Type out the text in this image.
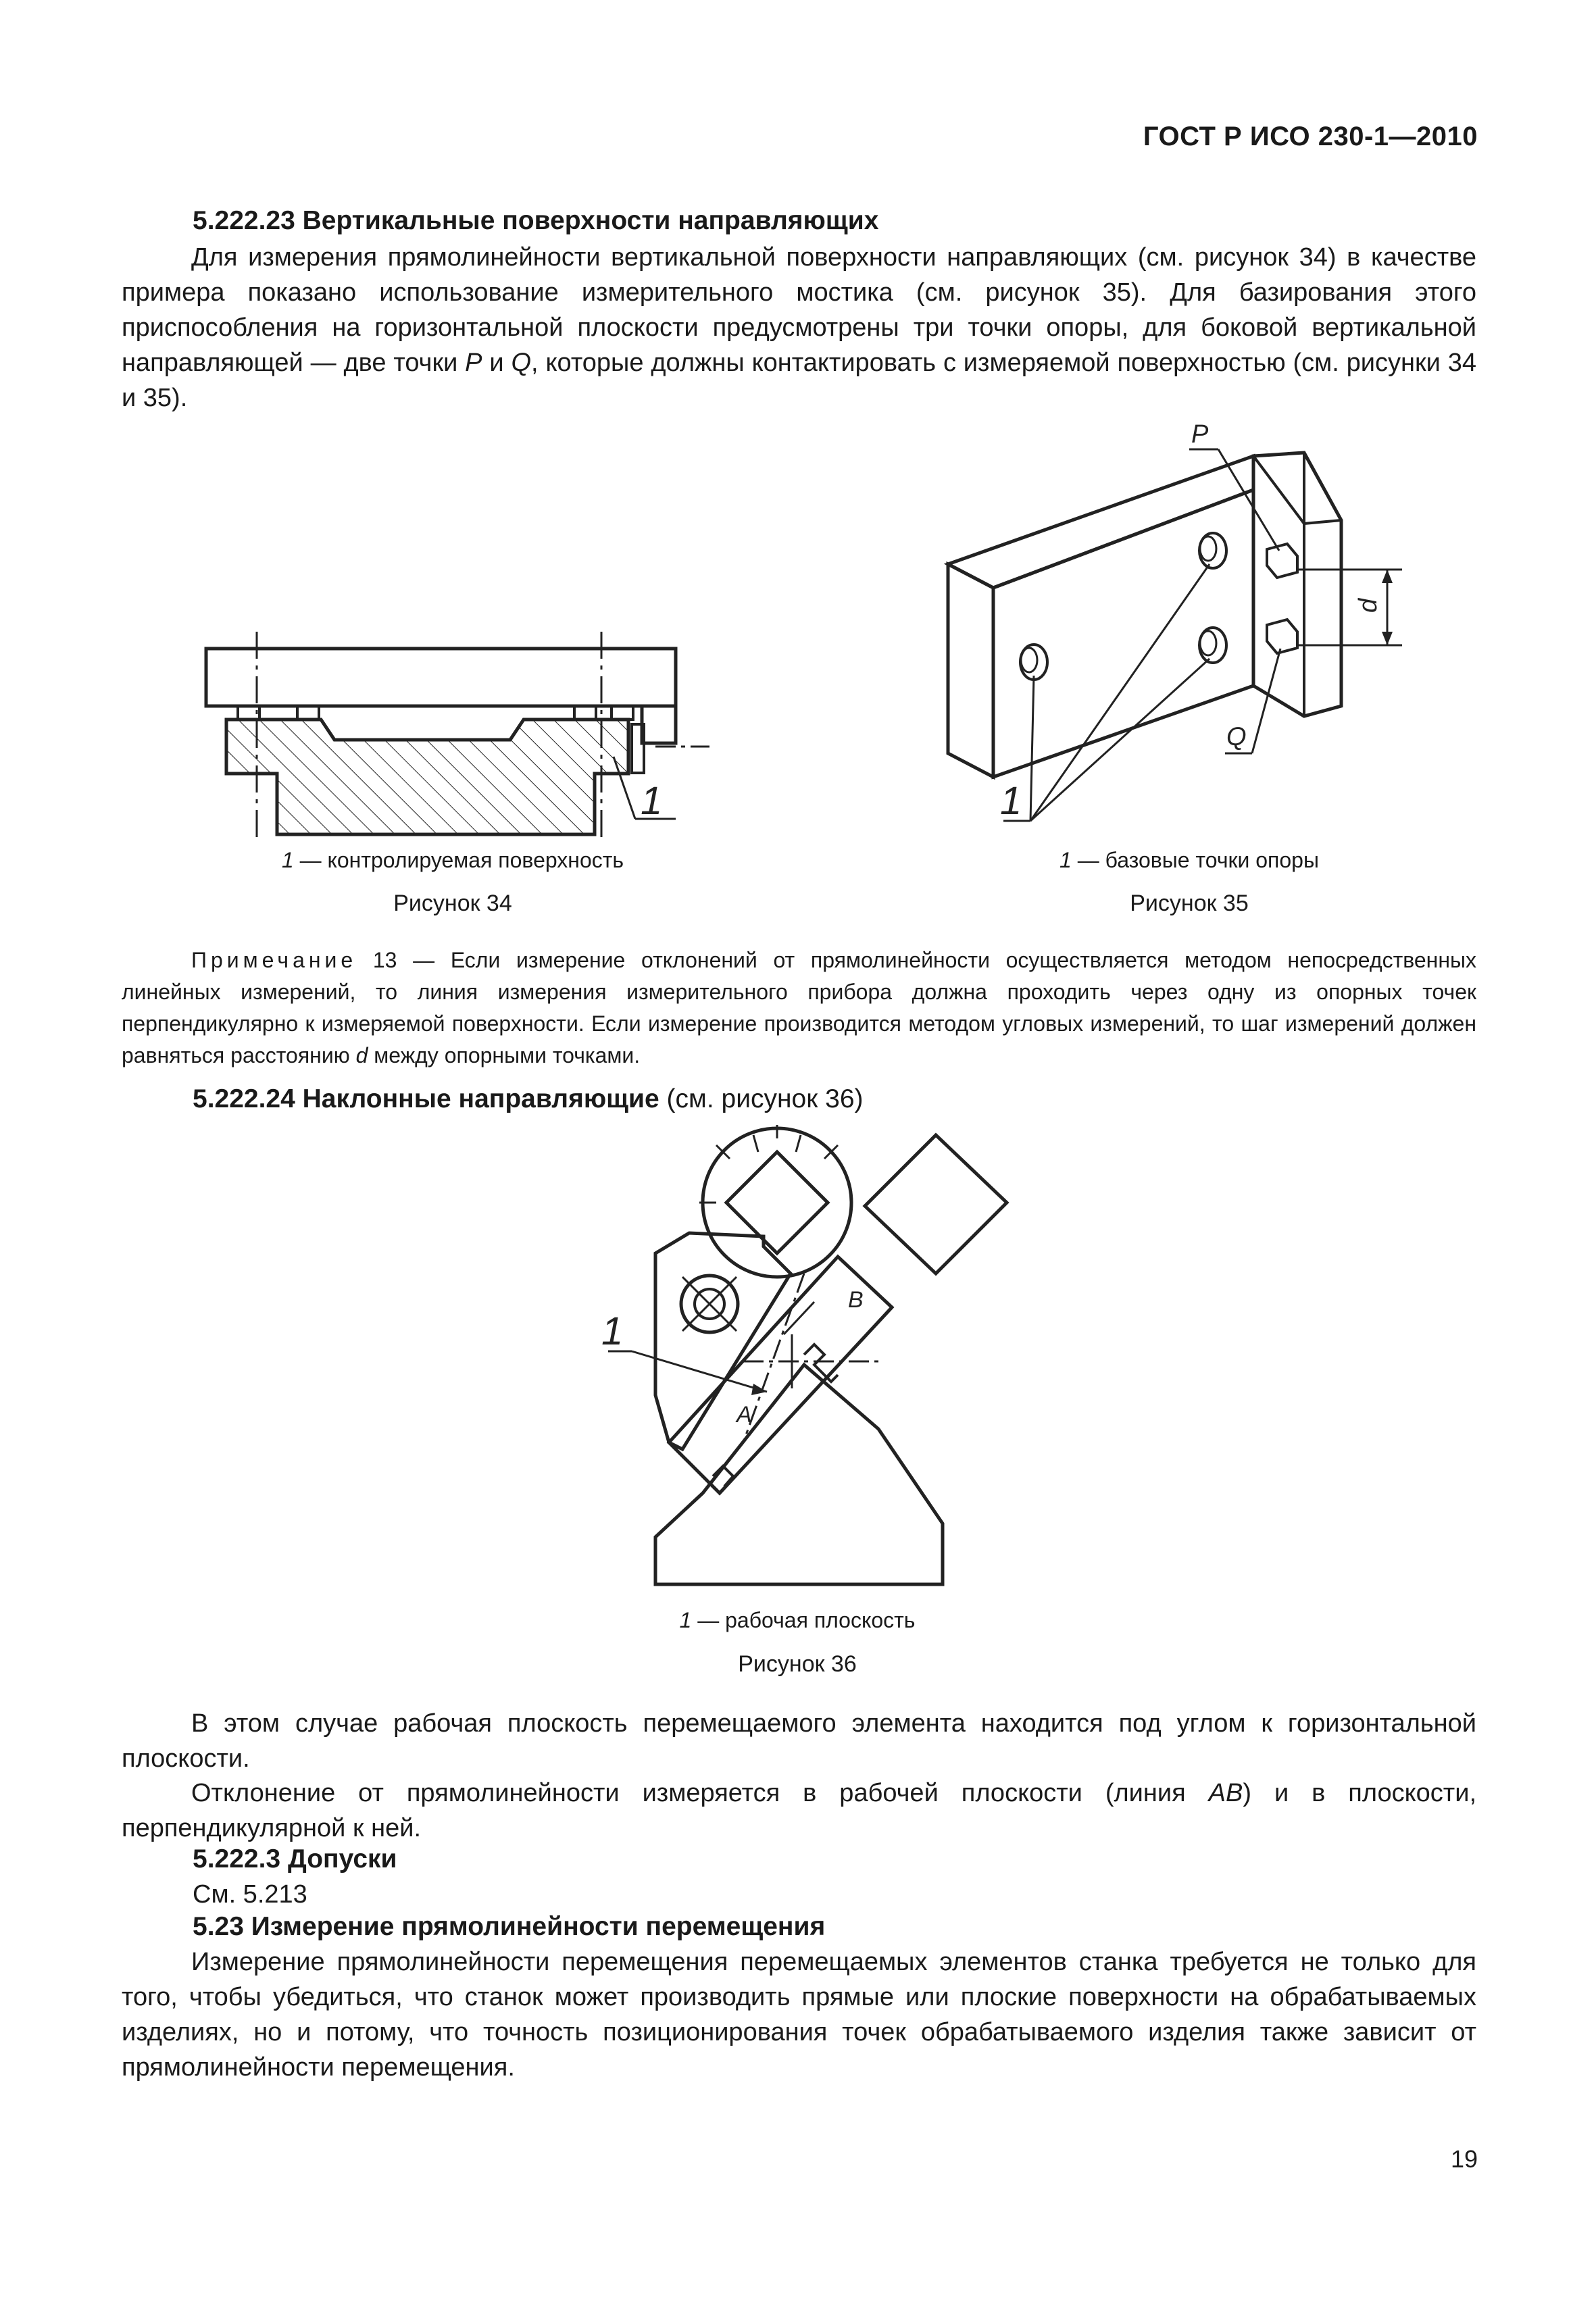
ГОСТ Р ИСО 230-1—2010
5.222.23 Вертикальные поверхности направляющих
Для измерения прямолинейности вертикальной поверхности направляющих (см. рисунок 34) в качестве примера показано использование измерительного мостика (см. рисунок 35). Для базирования этого приспособления на горизонтальной плоскости предусмотрены три точки опоры, для боковой вертикальной направляющей — две точки P и Q, которые должны контактировать с измеряемой поверхностью (см. рисунки 34 и 35).
1
1 — контролируемая поверхность
Рисунок 34
d
P
Q
1
1 — базовые точки опоры
Рисунок 35
Примечание 13 — Если измерение отклонений от прямолинейности осуществляется методом непосредственных линейных измерений, то линия измерения измерительного прибора должна проходить через одну из опорных точек перпендикулярно к измеряемой поверхности. Если измерение производится методом угловых измерений, то шаг измерений должен равняться расстоянию d между опорными точками.
5.222.24 Наклонные направляющие (см. рисунок 36)
B
A
1
1 — рабочая плоскость
Рисунок 36
В этом случае рабочая плоскость перемещаемого элемента находится под углом к горизонтальной плоскости.
Отклонение от прямолинейности измеряется в рабочей плоскости (линия AB) и в плоскости, перпендикулярной к ней.
5.222.3 Допуски
См. 5.213
5.23 Измерение прямолинейности перемещения
Измерение прямолинейности перемещения перемещаемых элементов станка требуется не только для того, чтобы убедиться, что станок может производить прямые или плоские поверхности на обрабатываемых изделиях, но и потому, что точность позиционирования точек обрабатываемого изделия также зависит от прямолинейности перемещения.
19
